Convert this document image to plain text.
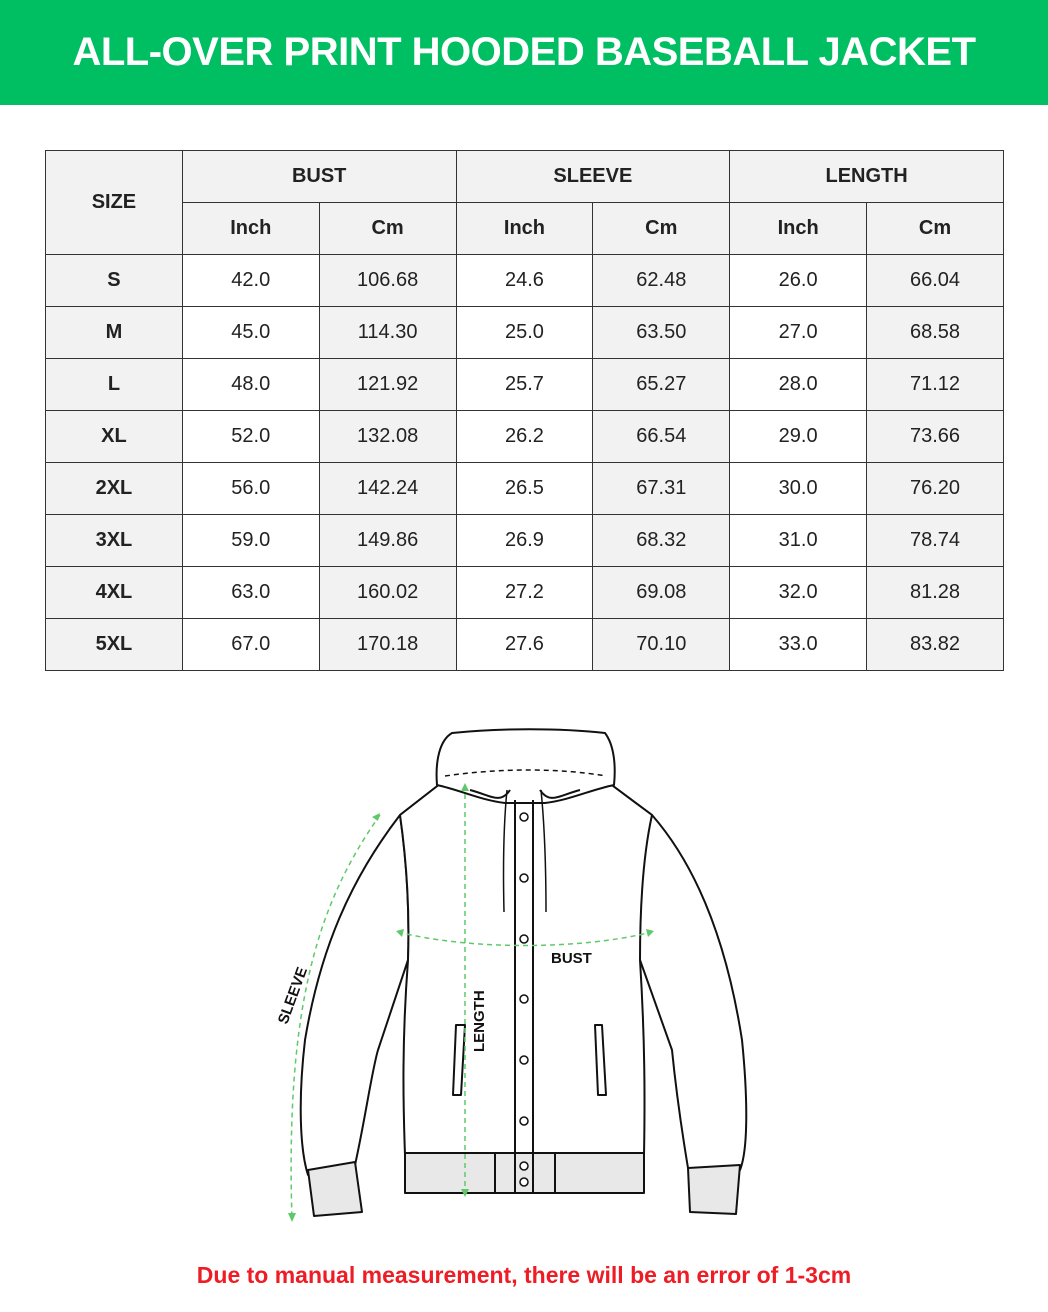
ALL-OVER PRINT HOODED BASEBALL JACKET
SIZE	BUST		SLEEVE		LENGTH	
	Inch	Cm	Inch	Cm	Inch	Cm
S	42.0	106.68	24.6	62.48	26.0	66.04
M	45.0	114.30	25.0	63.50	27.0	68.58
L	48.0	121.92	25.7	65.27	28.0	71.12
XL	52.0	132.08	26.2	66.54	29.0	73.66
2XL	56.0	142.24	26.5	67.31	30.0	76.20
3XL	59.0	149.86	26.9	68.32	31.0	78.74
4XL	63.0	160.02	27.2	69.08	32.0	81.28
5XL	67.0	170.18	27.6	70.10	33.0	83.82
SLEEVE	LENGTH
BUST
Due to manual measurement, there will be an error of 1-3cm
